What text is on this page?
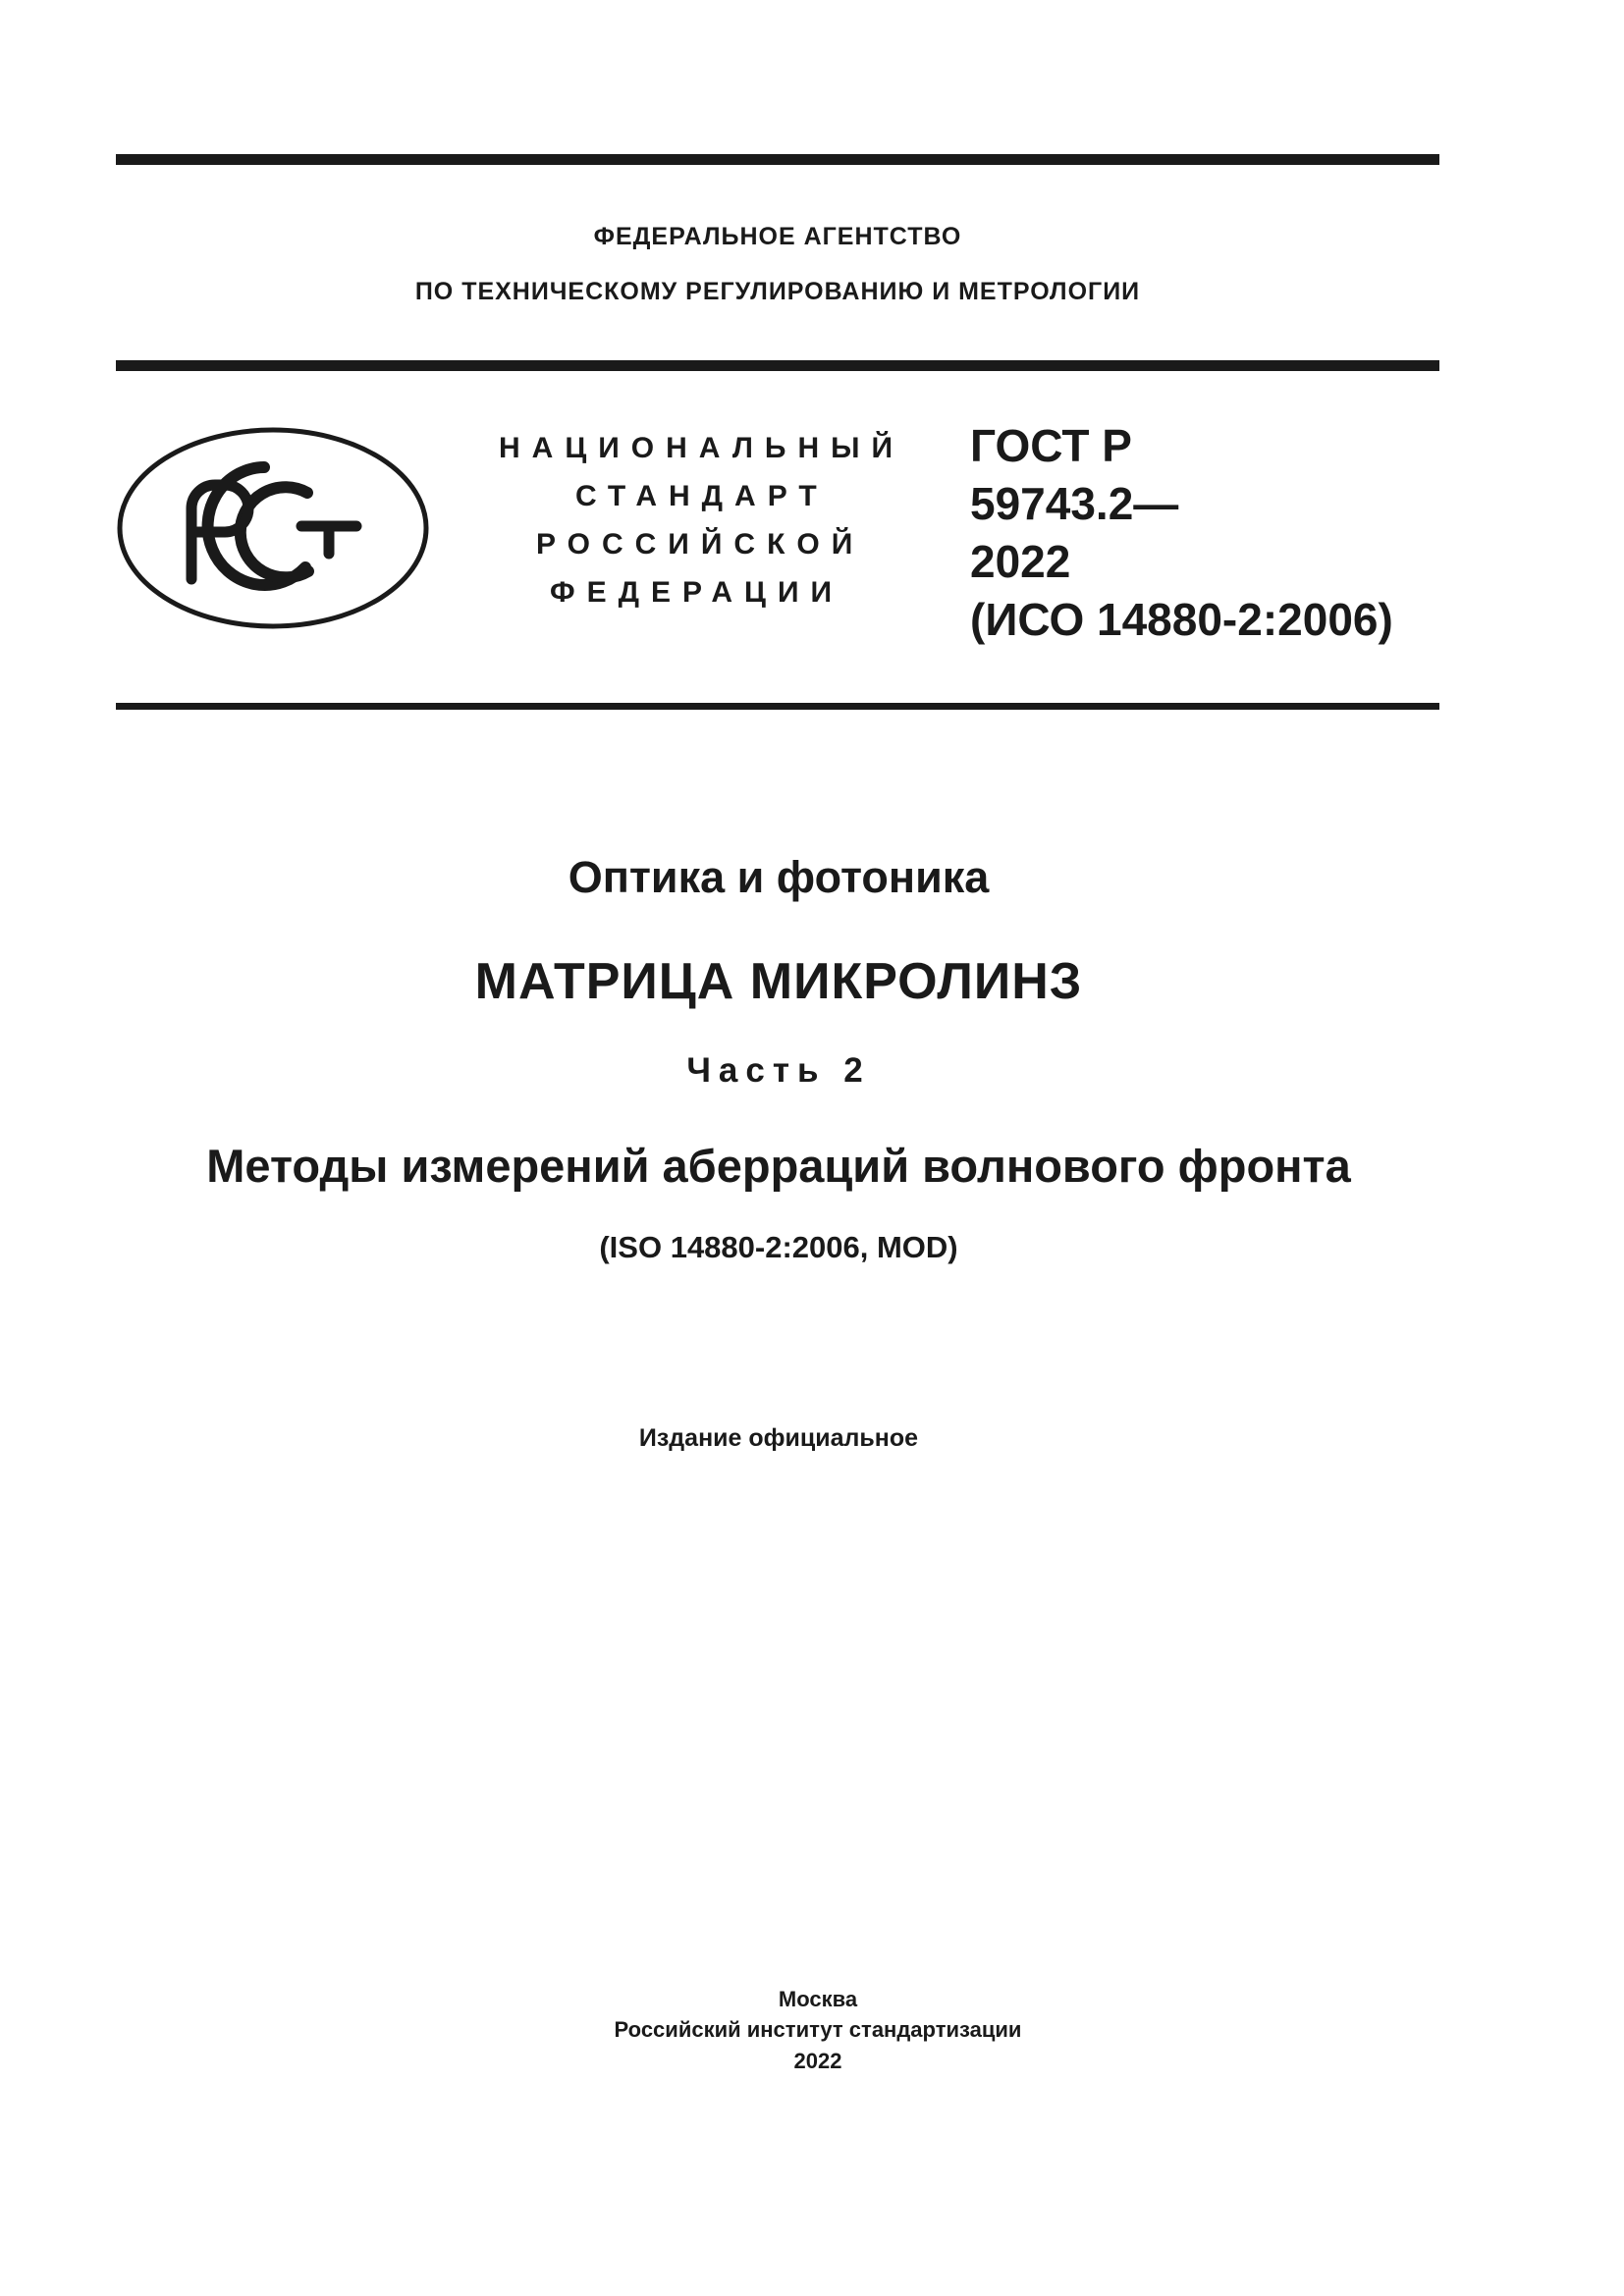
ФЕДЕРАЛЬНОЕ АГЕНТСТВО
ПО ТЕХНИЧЕСКОМУ РЕГУЛИРОВАНИЮ И МЕТРОЛОГИИ
НАЦИОНАЛЬНЫЙ
СТАНДАРТ
РОССИЙСКОЙ
ФЕДЕРАЦИИ
ГОСТ Р
59743.2—
2022
(ИСО 14880-2:2006)
Оптика и фотоника
МАТРИЦА МИКРОЛИНЗ
Часть 2
Методы измерений аберраций волнового фронта
(ISO 14880-2:2006, MOD)
Издание официальное
Москва
Российский институт стандартизации
2022
